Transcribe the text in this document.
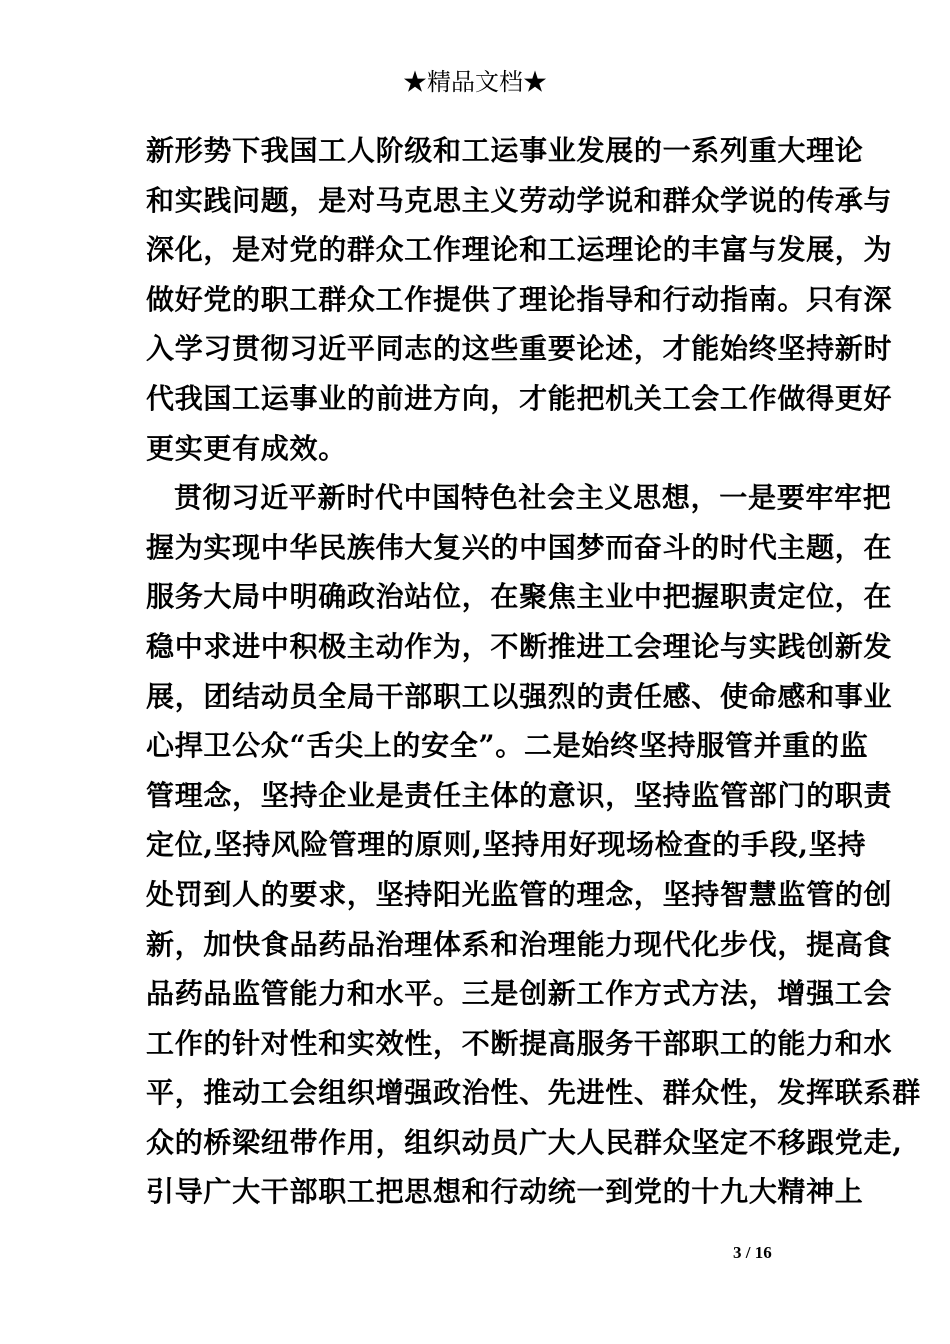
★精品文档★
新形势下我国工人阶级和工运事业发展的一系列重大理论
和实践问题，是对马克思主义劳动学说和群众学说的传承与
深化，是对党的群众工作理论和工运理论的丰富与发展，为
做好党的职工群众工作提供了理论指导和行动指南。只有深
入学习贯彻习近平同志的这些重要论述，才能始终坚持新时
代我国工运事业的前进方向，才能把机关工会工作做得更好
更实更有成效。
贯彻习近平新时代中国特色社会主义思想，一是要牢牢把
握为实现中华民族伟大复兴的中国梦而奋斗的时代主题，在
服务大局中明确政治站位，在聚焦主业中把握职责定位，在
稳中求进中积极主动作为，不断推进工会理论与实践创新发
展，团结动员全局干部职工以强烈的责任感、使命感和事业
心捍卫公众“舌尖上的安全”。二是始终坚持服管并重的监
管理念，坚持企业是责任主体的意识，坚持监管部门的职责
定位,坚持风险管理的原则,坚持用好现场检查的手段,坚持
处罚到人的要求，坚持阳光监管的理念，坚持智慧监管的创
新，加快食品药品治理体系和治理能力现代化步伐，提高食
品药品监管能力和水平。三是创新工作方式方法，增强工会
工作的针对性和实效性，不断提高服务干部职工的能力和水
平，推动工会组织增强政治性、先进性、群众性，发挥联系群
众的桥梁纽带作用，组织动员广大人民群众坚定不移跟党走,
引导广大干部职工把思想和行动统一到党的十九大精神上
3 / 16
